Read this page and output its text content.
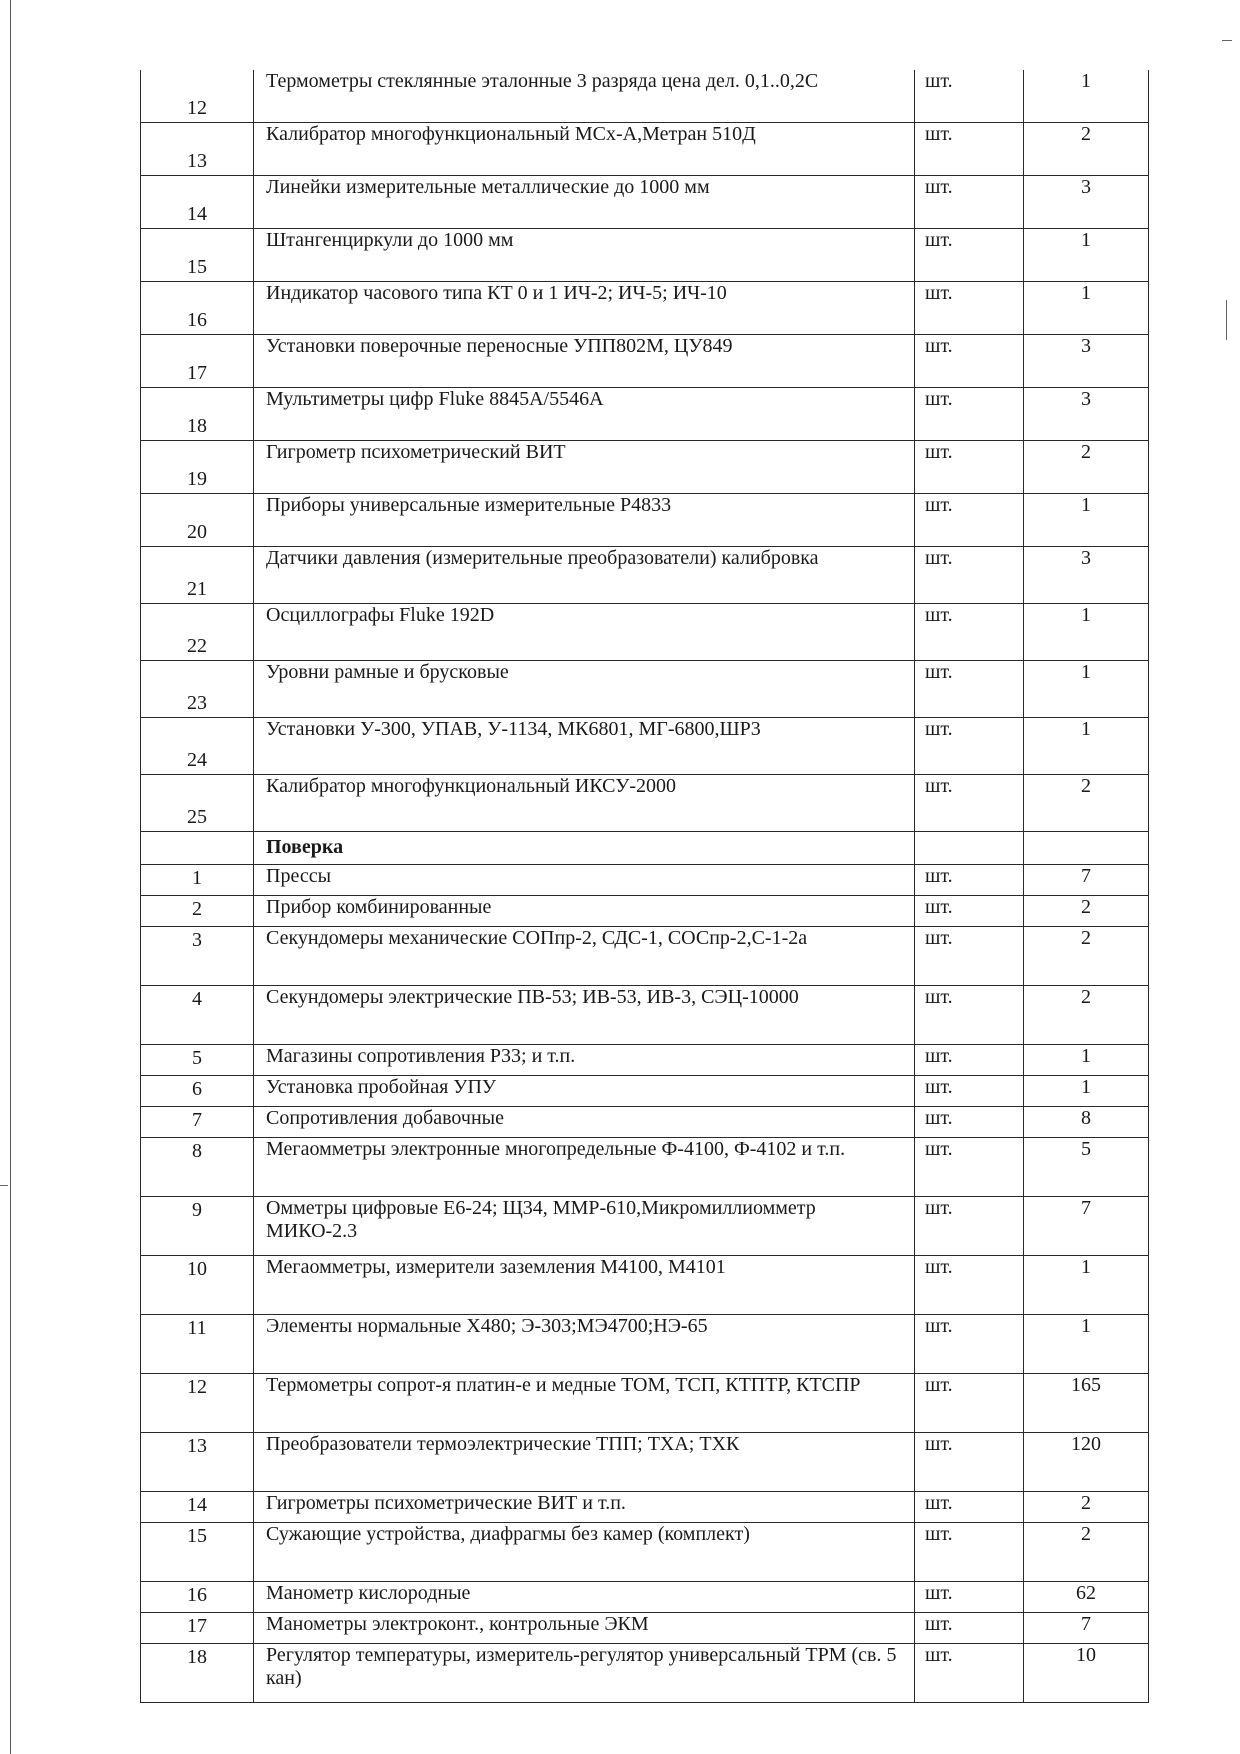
12	Термометры стеклянные эталонные 3 разряда цена дел. 0,1..0,2С	шт.	1
13	Калибратор многофункциональный МСх-А,Метран 510Д	шт.	2
14	Линейки измерительные металлические до 1000 мм	шт.	3
15	Штангенциркули до 1000 мм	шт.	1
16	Индикатор часового типа КТ 0 и 1 ИЧ-2; ИЧ-5; ИЧ-10	шт.	1
17	Установки поверочные переносные УПП802М, ЦУ849	шт.	3
18	Мультиметры цифр Fluke 8845A/5546A	шт.	3
19	Гигрометр психометрический ВИТ	шт.	2
20	Приборы универсальные измерительные Р4833	шт.	1
21	Датчики давления (измерительные преобразователи) калибровка	шт.	3
22	Осциллографы Fluke 192D	шт.	1
23	Уровни рамные и брусковые	шт.	1
24	Установки У-300, УПАВ, У-1134, МК6801, МГ-6800,ШР3	шт.	1
25	Калибратор многофункциональный ИКСУ-2000	шт.	2
	Поверка		
1	Прессы	шт.	7
2	Прибор комбинированные	шт.	2
3	Секундомеры механические СОПпр-2, СДС-1, СОСпр-2,С-1-2а	шт.	2
4	Секундомеры электрические ПВ-53; ИВ-53, ИВ-3, СЭЦ-10000	шт.	2
5	Магазины сопротивления Р33; и т.п.	шт.	1
6	Установка пробойная УПУ	шт.	1
7	Сопротивления добавочные	шт.	8
8	Мегаомметры электронные многопредельные Ф-4100, Ф-4102 и т.п.	шт.	5
9	Омметры цифровые Е6-24; Щ34, ММР-610,Микромиллиомметр МИКО-2.3	шт.	7
10	Мегаомметры, измерители заземления М4100, М4101	шт.	1
11	Элементы нормальные Х480; Э-303;МЭ4700;НЭ-65	шт.	1
12	Термометры сопрот-я платин-е и медные ТОМ, ТСП, КТПТР, КТСПР	шт.	165
13	Преобразователи термоэлектрические ТПП; ТХА; ТХК	шт.	120
14	Гигрометры психометрические ВИТ и т.п.	шт.	2
15	Сужающие устройства, диафрагмы без камер (комплект)	шт.	2
16	Манометр кислородные	шт.	62
17	Манометры электроконт., контрольные ЭКМ	шт.	7
18	Регулятор температуры, измеритель-регулятор универсальный ТРМ (св. 5 кан)	шт.	10
